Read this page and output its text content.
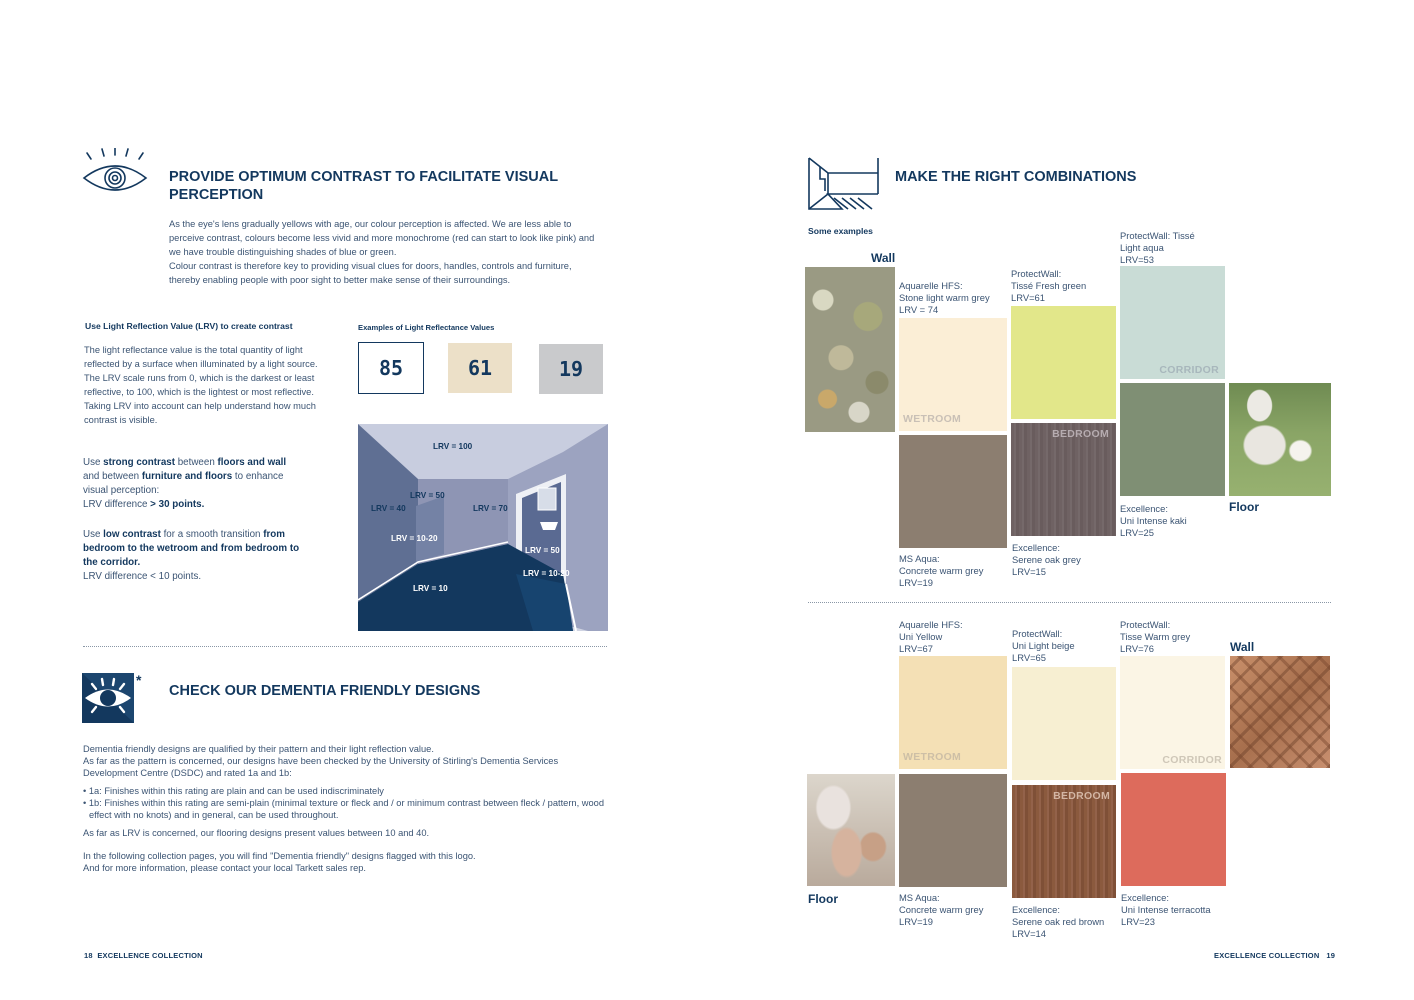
PROVIDE OPTIMUM CONTRAST TO FACILITATE VISUAL
PERCEPTION
As the eye's lens gradually yellows with age, our colour perception is affected. We are less able to perceive contrast, colours become less vivid and more monochrome (red can start to look like pink) and we have trouble distinguishing shades of blue or green.
Colour contrast is therefore key to providing visual clues for doors, handles, controls and furniture, thereby enabling people with poor sight to better make sense of their surroundings.
Use Light Reflection Value (LRV) to create contrast
The light reflectance value is the total quantity of light reflected by a surface when illuminated by a light source. The LRV scale runs from 0, which is the darkest or least reflective, to 100, which is the lightest or most reflective. Taking LRV into account can help understand how much contrast is visible.
Examples of Light Reflectance Values
85	61	19
Use strong contrast between floors and wall and between furniture and floors to enhance visual perception:
LRV difference > 30 points.
Use low contrast for a smooth transition from bedroom to the wetroom and from bedroom to the corridor.
LRV difference < 10 points.
LRV = 100
LRV = 40
LRV = 50
LRV = 70
LRV = 10-20
LRV = 50
LRV = 10-20
LRV = 10
*
CHECK OUR DEMENTIA FRIENDLY DESIGNS
Dementia friendly designs are qualified by their pattern and their light reflection value.
As far as the pattern is concerned, our designs have been checked by the University of Stirling's Dementia Services Development Centre (DSDC) and rated 1a and 1b:
• 1a: Finishes within this rating are plain and can be used indiscriminately
• 1b: Finishes within this rating are semi-plain (minimal texture or fleck and / or minimum contrast between fleck / pattern, wood effect with no knots) and in general, can be used throughout.
As far as LRV is concerned, our flooring designs present values between 10 and 40.
In the following collection pages, you will find "Dementia friendly" designs flagged with this logo.
And for more information, please contact your local Tarkett sales rep.
18 EXCELLENCE COLLECTION
MAKE THE RIGHT COMBINATIONS
Some examples
Wall
Aquarelle HFS:
Stone light warm grey
LRV = 74
WETROOM
ProtectWall:
Tissé Fresh green
LRV=61
ProtectWall: Tissé
Light aqua
LRV=53
CORRIDOR
MS Aqua:
Concrete warm grey
LRV=19
BEDROOM
Excellence:
Serene oak grey
LRV=15
Excellence:
Uni Intense kaki
LRV=25
Floor
Aquarelle HFS:
Uni Yellow
LRV=67
WETROOM
ProtectWall:
Uni Light beige
LRV=65
ProtectWall:
Tisse Warm grey
LRV=76
CORRIDOR
Wall
Floor	MS Aqua:
Concrete warm grey
LRV=19
BEDROOM
Excellence:
Serene oak red brown
LRV=14
Excellence:
Uni Intense terracotta
LRV=23
EXCELLENCE COLLECTION 19
